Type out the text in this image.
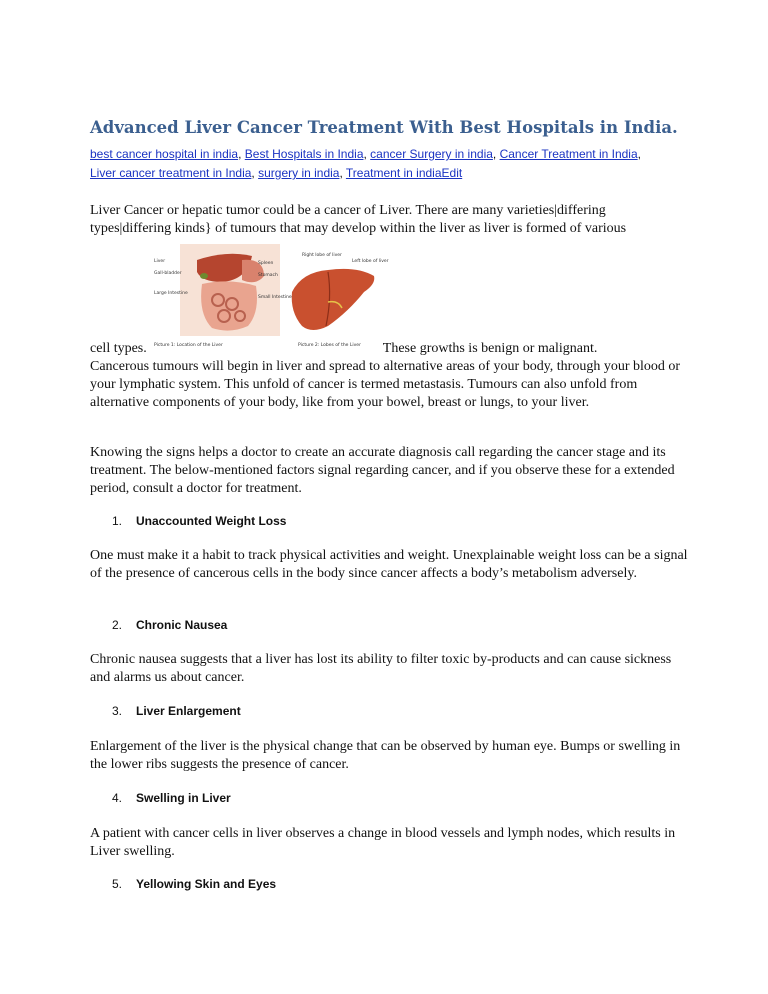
Advanced Liver Cancer Treatment With Best Hospitals in India.
best cancer hospital in india, Best Hospitals in India, cancer Surgery in india, Cancer Treatment in India,
Liver cancer treatment in India, surgery in india, Treatment in indiaEdit
Liver Cancer or hepatic tumor could be a cancer of Liver. There are many varieties|differing
types|differing kinds} of tumours that may develop within the liver as liver is formed of various
Liver
Gall-bladder
Large Intestine
Spleen
Stomach
Small Intestine
Picture 1: Location of the Liver
Right lobe of liver
Left lobe of liver
Picture 2: Lobes of the Liver
cell types.	These growths is benign or malignant.
Cancerous tumours will begin in liver and spread to alternative areas of your body, through your blood or your lymphatic system. This unfold of cancer is termed metastasis. Tumours can also unfold from alternative components of your body, like from your bowel, breast or lungs, to your liver.

Knowing the signs helps a doctor to create an accurate diagnosis call regarding the cancer stage and its treatment. The below-mentioned factors signal regarding cancer, and if you observe these for a extended period, consult a doctor for treatment.

1. Unaccounted Weight Loss

One must make it a habit to track physical activities and weight. Unexplainable weight loss can be a signal of the presence of cancerous cells in the body since cancer affects a body’s metabolism adversely.

2. Chronic Nausea

Chronic nausea suggests that a liver has lost its ability to filter toxic by-products and can cause sickness and alarms us about cancer.

3. Liver Enlargement

Enlargement of the liver is the physical change that can be observed by human eye. Bumps or swelling in the lower ribs suggests the presence of cancer.

4. Swelling in Liver

A patient with cancer cells in liver observes a change in blood vessels and lymph nodes, which results in Liver swelling.

5. Yellowing Skin and Eyes
